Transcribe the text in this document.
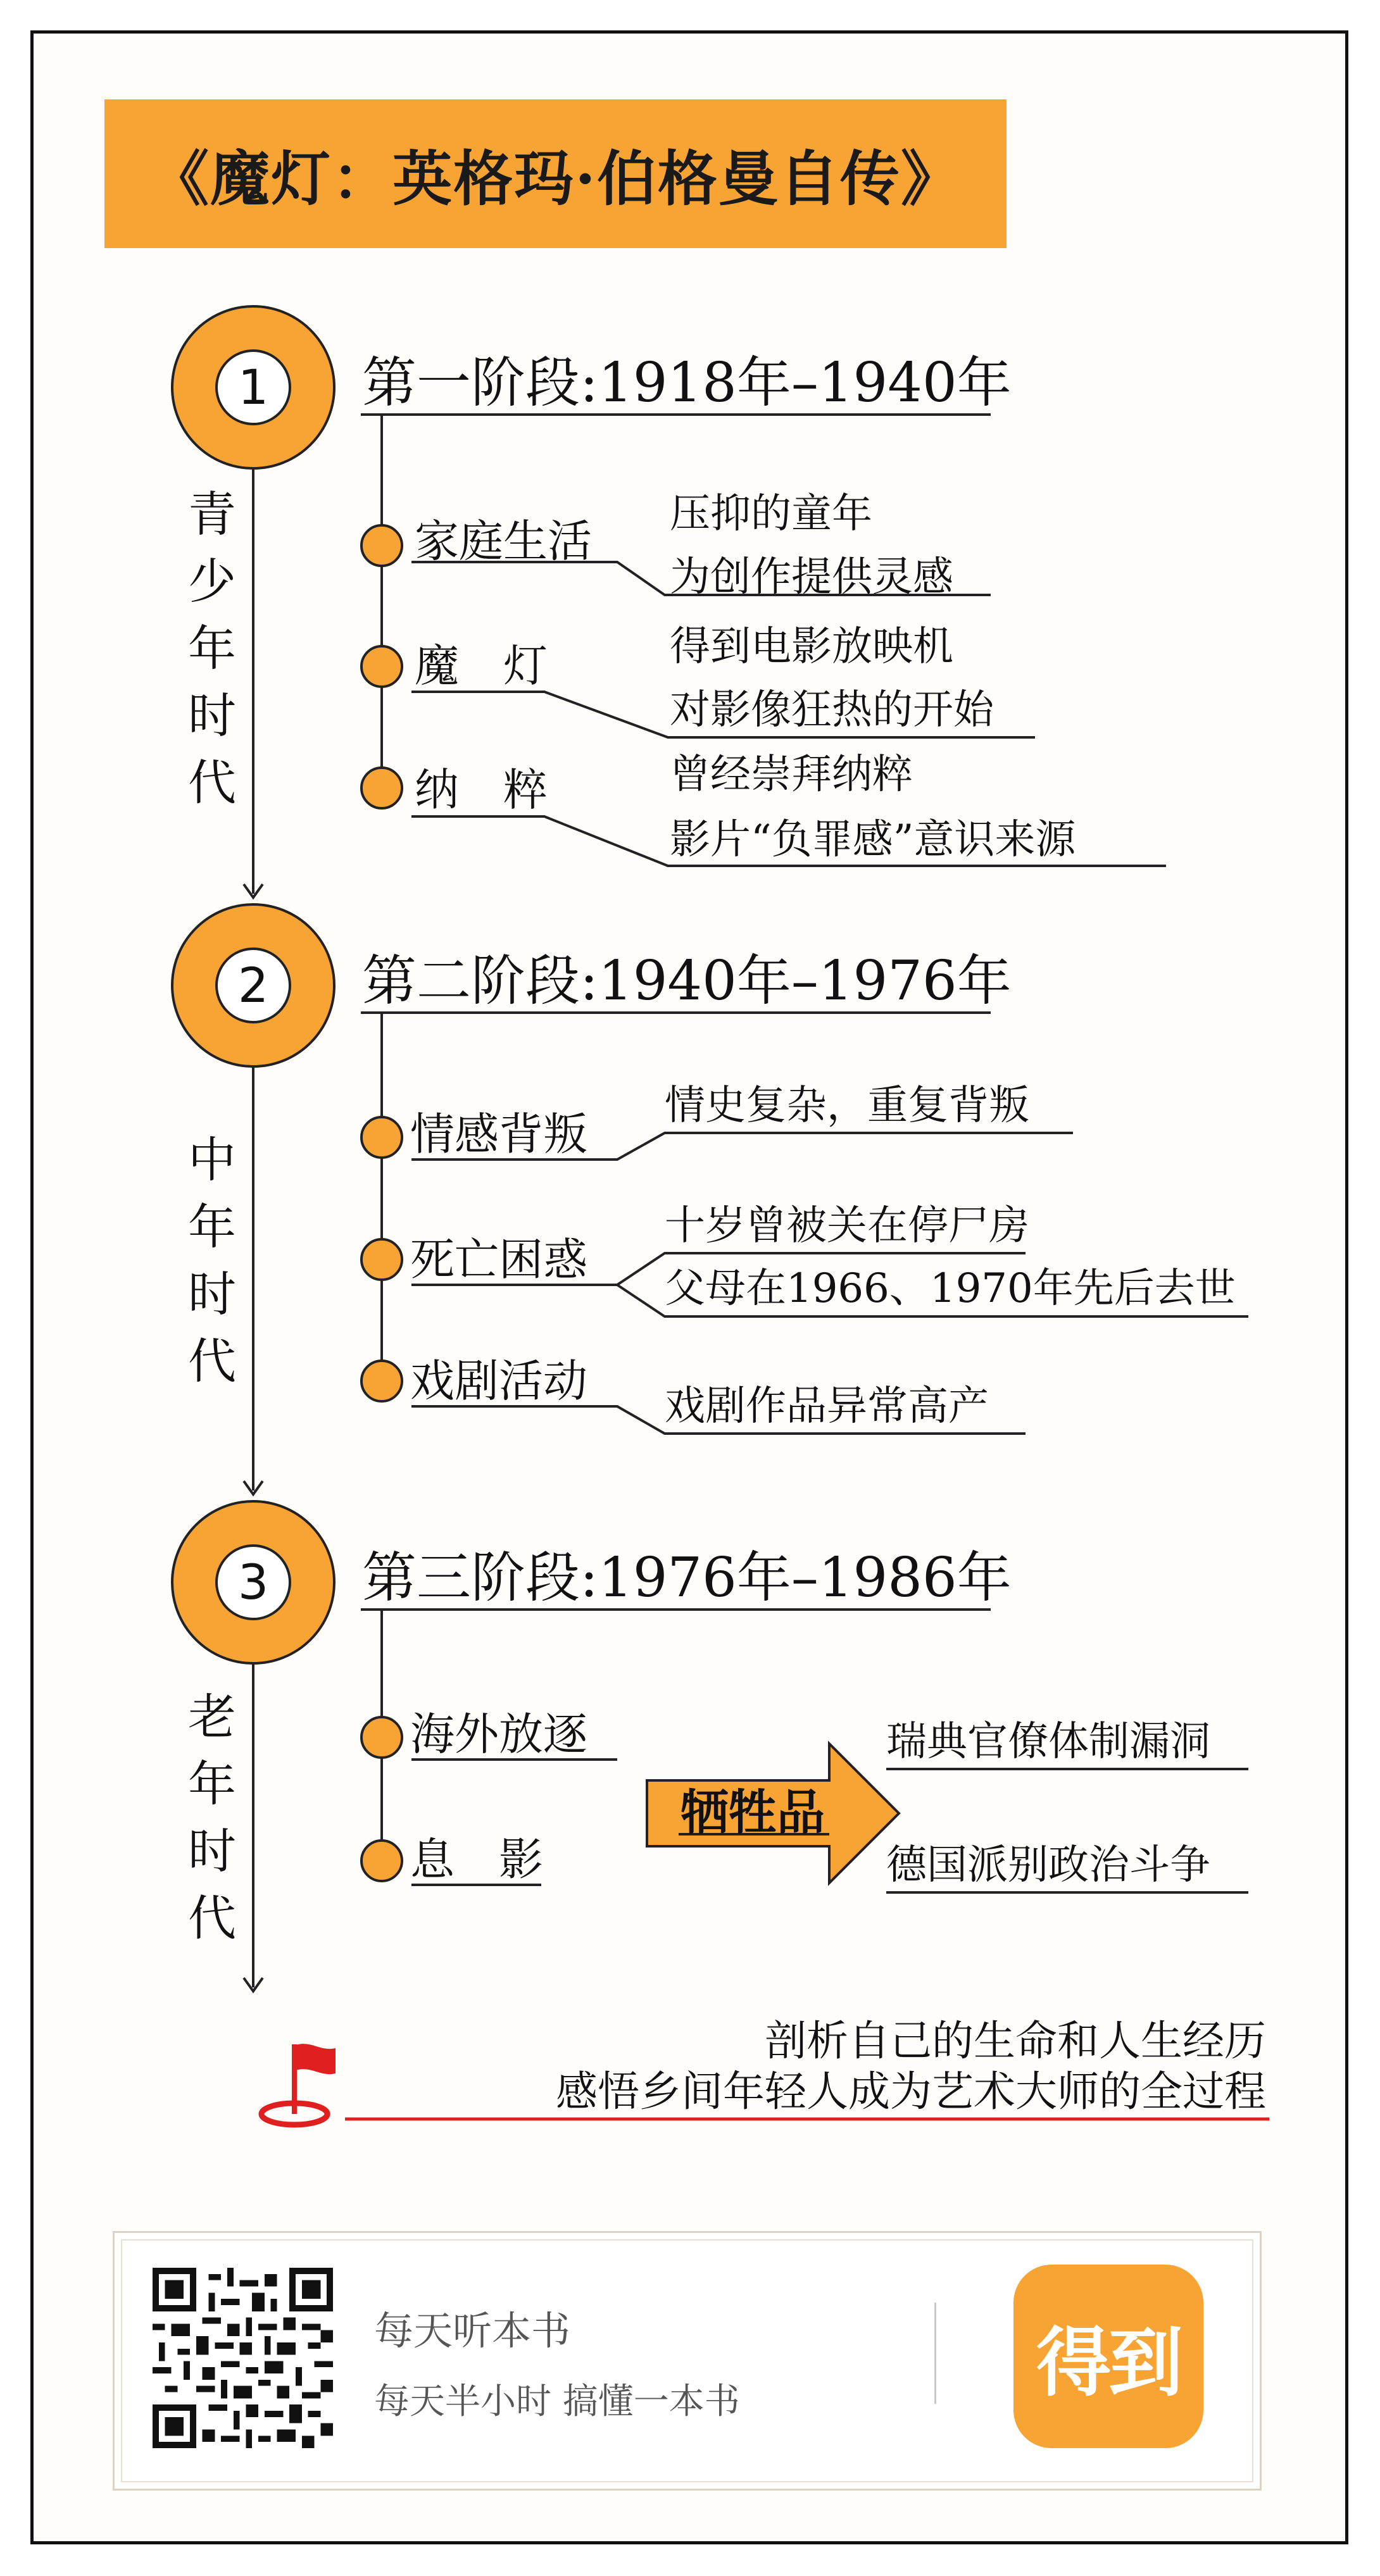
《魔灯：英格玛·伯格曼自传》
1
2
3
第一阶段:1918年–1940年
第二阶段:1940年–1976年
第三阶段:1976年–1986年
青少年时代
中年时代
老年时代
家庭生活
压抑的童年
为创作提供灵感
魔　灯	得到电影放映机
对影像狂热的开始
纳　粹	曾经崇拜纳粹
影片“负罪感”意识来源
情感背叛
情史复杂，重复背叛
死亡困惑
十岁曾被关在停尸房
父母在1966、1970年先后去世
戏剧活动 戏剧作品异常高产
海外放逐
息　影
牺牲品
瑞典官僚体制漏洞
德国派别政治斗争
剖析自己的生命和人生经历
感悟乡间年轻人成为艺术大师的全过程
每天听本书
每天半小时 搞懂一本书	得到
